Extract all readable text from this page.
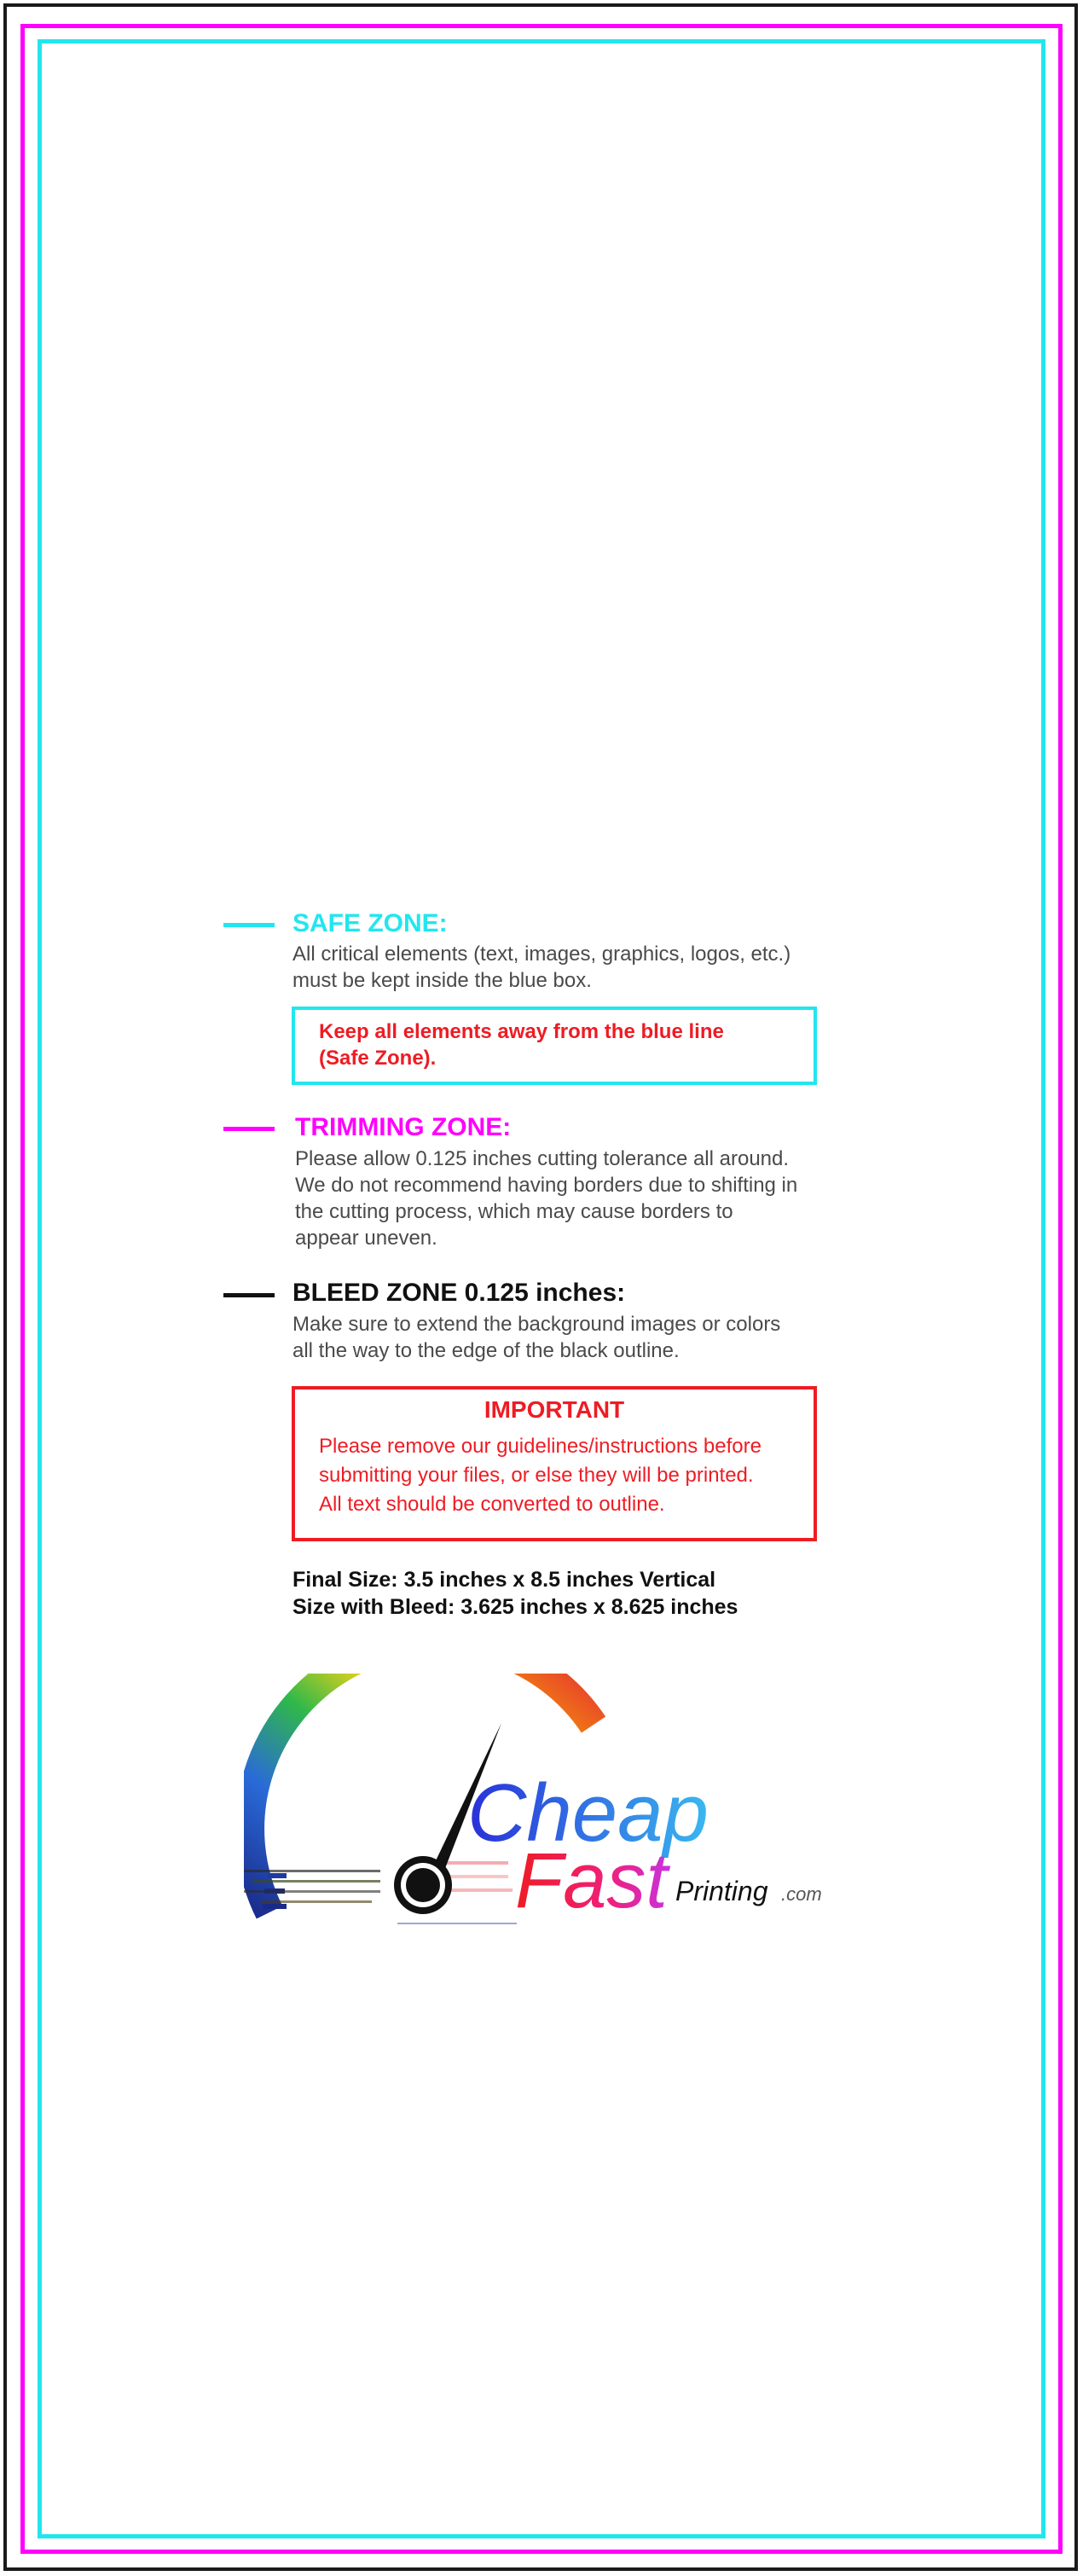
SAFE ZONE:
All critical elements (text, images, graphics, logos, etc.)
must be kept inside the blue box.
Keep all elements away from the blue line
(Safe Zone).
TRIMMING ZONE:
Please allow 0.125 inches cutting tolerance all around.
We do not recommend having borders due to shifting in
the cutting process, which may cause borders to
appear uneven.
BLEED ZONE 0.125 inches:
Make sure to extend the background images or colors
all the way to the edge of the black outline.
IMPORTANT
Please remove our guidelines/instructions before
submitting your files, or else they will be printed.
All text should be converted to outline.
Final Size: 3.5 inches x 8.5 inches Vertical
Size with Bleed: 3.625 inches x 8.625 inches
Cheap
Fast Printing .com
